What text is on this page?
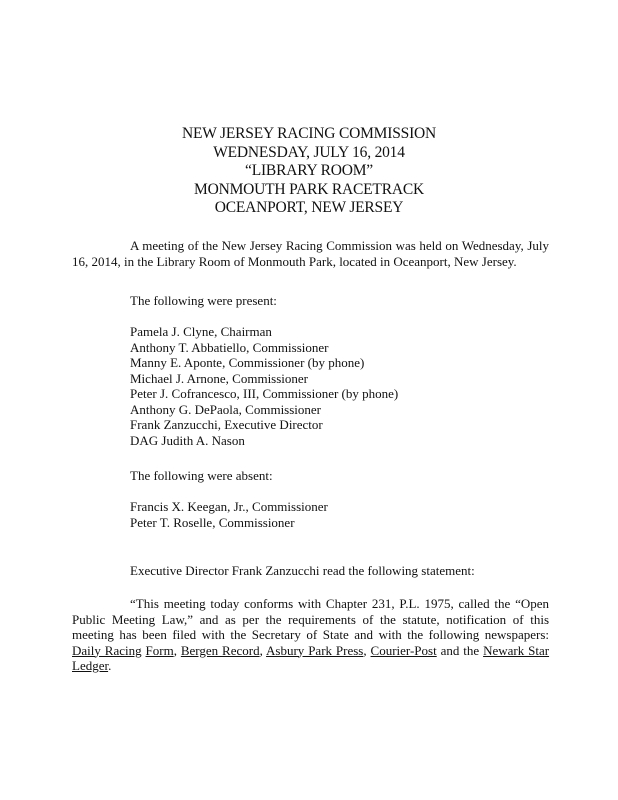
NEW JERSEY RACING COMMISSION
WEDNESDAY, JULY 16, 2014
“LIBRARY ROOM”
MONMOUTH PARK RACETRACK
OCEANPORT, NEW JERSEY

A meeting of the New Jersey Racing Commission was held on Wednesday, July 16, 2014, in the Library Room of Monmouth Park, located in Oceanport, New Jersey.

The following were present:
Pamela J. Clyne, Chairman
Anthony T. Abbatiello, Commissioner
Manny E. Aponte, Commissioner (by phone)
Michael J. Arnone, Commissioner
Peter J. Cofrancesco, III, Commissioner (by phone)
Anthony G. DePaola, Commissioner
Frank Zanzucchi, Executive Director
DAG Judith A. Nason
The following were absent:
Francis X. Keegan, Jr., Commissioner
Peter T. Roselle, Commissioner
Executive Director Frank Zanzucchi read the following statement:

“This meeting today conforms with Chapter 231, P.L. 1975, called the “Open Public Meeting Law,” and as per the requirements of the statute, notification of this meeting has been filed with the Secretary of State and with the following newspapers: Daily Racing Form, Bergen Record, Asbury Park Press, Courier-Post and the Newark Star Ledger.
